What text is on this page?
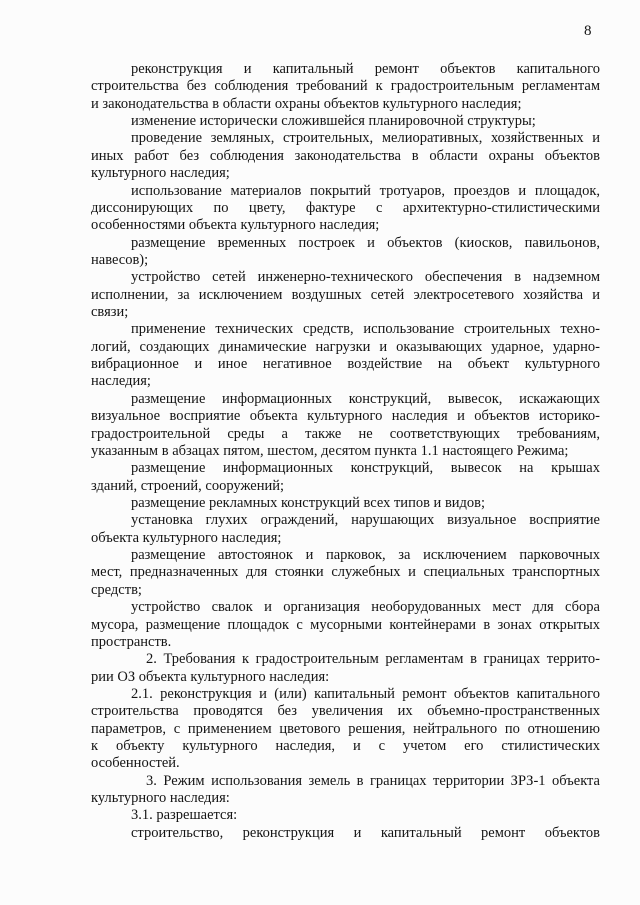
8
реконструкция и капитальный ремонт объектов капитального
строительства без соблюдения требований к градостроительным регламентам
и законодательства в области охраны объектов культурного наследия;
изменение исторически сложившейся планировочной структуры;
проведение земляных, строительных, мелиоративных, хозяйственных и
иных работ без соблюдения законодательства в области охраны объектов
культурного наследия;
использование материалов покрытий тротуаров, проездов и площадок,
диссонирующих по цвету, фактуре с архитектурно-стилистическими
особенностями объекта культурного наследия;
размещение временных построек и объектов (киосков, павильонов,
навесов);
устройство сетей инженерно-технического обеспечения в надземном
исполнении, за исключением воздушных сетей электросетевого хозяйства и
связи;
применение технических средств, использование строительных техно-
логий, создающих динамические нагрузки и оказывающих ударное, ударно-
вибрационное и иное негативное воздействие на объект культурного
наследия;
размещение информационных конструкций, вывесок, искажающих
визуальное восприятие объекта культурного наследия и объектов историко-
градостроительной среды а также не соответствующих требованиям,
указанным в абзацах пятом, шестом, десятом пункта 1.1 настоящего Режима;
размещение информационных конструкций, вывесок на крышах
зданий, строений, сооружений;
размещение рекламных конструкций всех типов и видов;
установка глухих ограждений, нарушающих визуальное восприятие
объекта культурного наследия;
размещение автостоянок и парковок, за исключением парковочных
мест, предназначенных для стоянки служебных и специальных транспортных
средств;
устройство свалок и организация необорудованных мест для сбора
мусора, размещение площадок с мусорными контейнерами в зонах открытых
пространств.
2. Требования к градостроительным регламентам в границах террито-
рии ОЗ объекта культурного наследия:
2.1. реконструкция и (или) капитальный ремонт объектов капитального
строительства проводятся без увеличения их объемно-пространственных
параметров, с применением цветового решения, нейтрального по отношению
к объекту культурного наследия, и с учетом его стилистических
особенностей.
3. Режим использования земель в границах территории ЗРЗ-1 объекта
культурного наследия:
3.1. разрешается:
строительство, реконструкция и капитальный ремонт объектов
